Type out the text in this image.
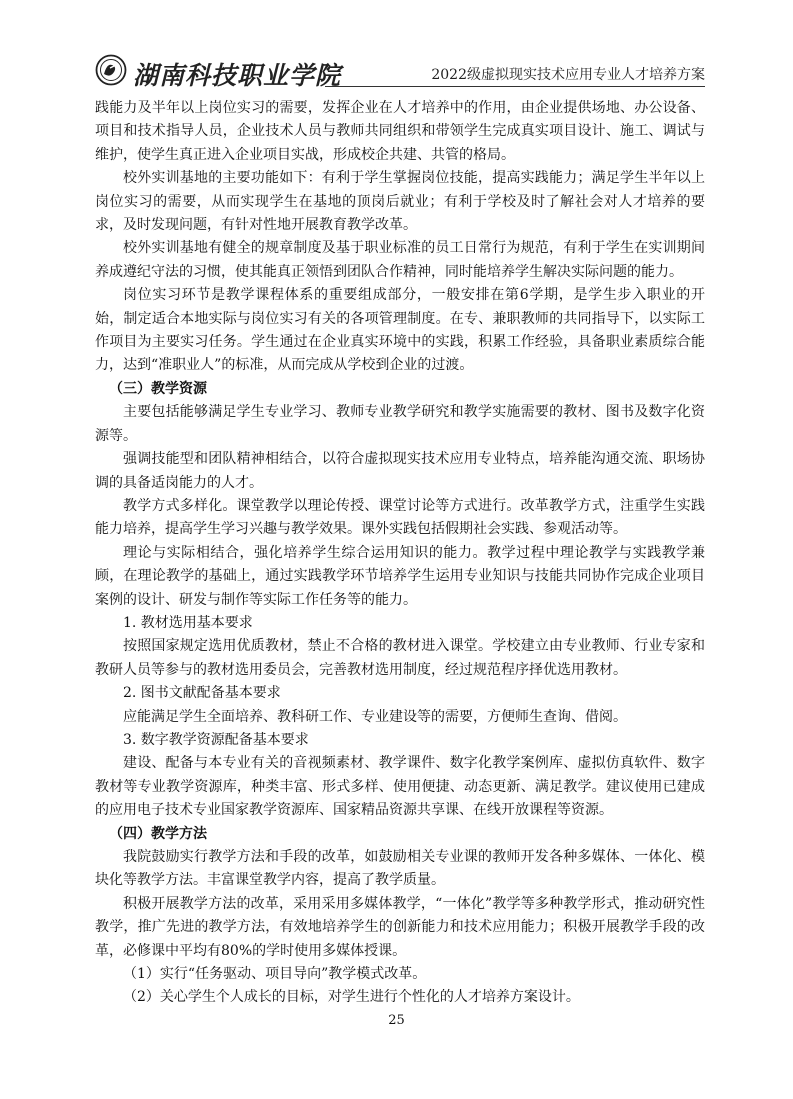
湖南科技职业学院	2022级虚拟现实技术应用专业人才培养方案

践能力及半年以上岗位实习的需要，发挥企业在人才培养中的作用，由企业提供场地、办公设备、项目和技术指导人员，企业技术人员与教师共同组织和带领学生完成真实项目设计、施工、调试与维护，使学生真正进入企业项目实战，形成校企共建、共管的格局。

校外实训基地的主要功能如下：有利于学生掌握岗位技能，提高实践能力；满足学生半年以上岗位实习的需要，从而实现学生在基地的顶岗后就业；有利于学校及时了解社会对人才培养的要求，及时发现问题，有针对性地开展教育教学改革。

校外实训基地有健全的规章制度及基于职业标准的员工日常行为规范，有利于学生在实训期间养成遵纪守法的习惯，使其能真正领悟到团队合作精神，同时能培养学生解决实际问题的能力。

岗位实习环节是教学课程体系的重要组成部分，一般安排在第6学期，是学生步入职业的开始，制定适合本地实际与岗位实习有关的各项管理制度。在专、兼职教师的共同指导下，以实际工作项目为主要实习任务。学生通过在企业真实环境中的实践，积累工作经验，具备职业素质综合能力，达到“准职业人”的标准，从而完成从学校到企业的过渡。

（三）教学资源

主要包括能够满足学生专业学习、教师专业教学研究和教学实施需要的教材、图书及数字化资源等。

强调技能型和团队精神相结合，以符合虚拟现实技术应用专业特点，培养能沟通交流、职场协调的具备适岗能力的人才。

教学方式多样化。课堂教学以理论传授、课堂讨论等方式进行。改革教学方式，注重学生实践能力培养，提高学生学习兴趣与教学效果。课外实践包括假期社会实践、参观活动等。

理论与实际相结合，强化培养学生综合运用知识的能力。教学过程中理论教学与实践教学兼顾，在理论教学的基础上，通过实践教学环节培养学生运用专业知识与技能共同协作完成企业项目案例的设计、研发与制作等实际工作任务等的能力。

1. 教材选用基本要求

按照国家规定选用优质教材，禁止不合格的教材进入课堂。学校建立由专业教师、行业专家和教研人员等参与的教材选用委员会，完善教材选用制度，经过规范程序择优选用教材。

2. 图书文献配备基本要求

应能满足学生全面培养、教科研工作、专业建设等的需要，方便师生查询、借阅。

3. 数字教学资源配备基本要求

建设、配备与本专业有关的音视频素材、教学课件、数字化教学案例库、虚拟仿真软件、数字教材等专业教学资源库，种类丰富、形式多样、使用便捷、动态更新、满足教学。建议使用已建成的应用电子技术专业国家教学资源库、国家精品资源共享课、在线开放课程等资源。

（四）教学方法

我院鼓励实行教学方法和手段的改革，如鼓励相关专业课的教师开发各种多媒体、一体化、模块化等教学方法。丰富课堂教学内容，提高了教学质量。

积极开展教学方法的改革，采用采用多媒体教学，“一体化”教学等多种教学形式，推动研究性教学，推广先进的教学方法，有效地培养学生的创新能力和技术应用能力；积极开展教学手段的改革，必修课中平均有80%的学时使用多媒体授课。

（1）实行“任务驱动、项目导向”教学模式改革。

（2）关心学生个人成长的目标，对学生进行个性化的人才培养方案设计。

25
